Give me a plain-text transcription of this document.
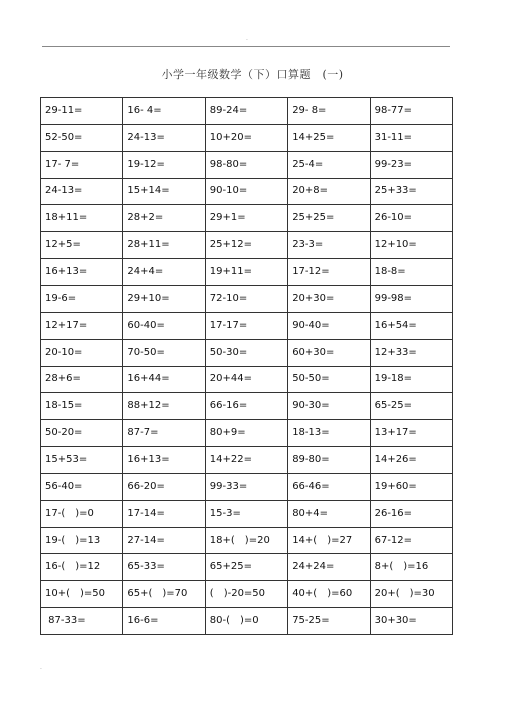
.
小学一年级数学（下）口算题　(一)
29-11=	16- 4=	89-24=	29- 8=	98-77=
52-50=	24-13=	10+20=	14+25=	31-11=
17- 7=	19-12=	98-80=	25-4=	99-23=
24-13=	15+14=	90-10=	20+8=	25+33=
18+11=	28+2=	29+1=	25+25=	26-10=
12+5=	28+11=	25+12=	23-3=	12+10=
16+13=	24+4=	19+11=	17-12=	18-8=
19-6=	29+10=	72-10=	20+30=	99-98=
12+17=	60-40=	17-17=	90-40=	16+54=
20-10=	70-50=	50-30=	60+30=	12+33=
28+6=	16+44=	20+44=	50-50=	19-18=
18-15=	88+12=	66-16=	90-30=	65-25=
50-20=	87-7=	80+9=	18-13=	13+17=
15+53=	16+13=	14+22=	89-80=	14+26=
56-40=	66-20=	99-33=	66-46=	19+60=
17-(　)=0	17-14=	15-3=	80+4=	26-16=
19-(　)=13	27-14=	18+(　)=20	14+(　)=27	67-12=
16-(　)=12	65-33=	65+25=	24+24=	8+(　)=16
10+(　)=50	65+(　)=70	(　)-20=50	40+(　)=60	20+(　)=30
87-33=	16-6=	80-(　)=0	75-25=	30+30=
.
